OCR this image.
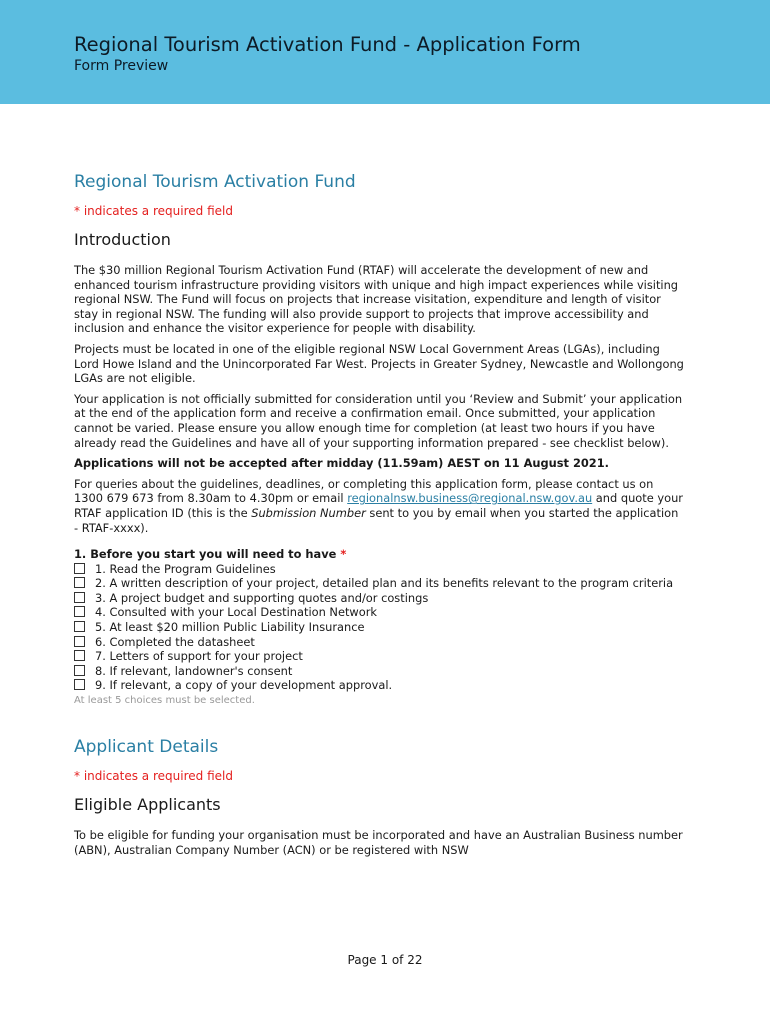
Regional Tourism Activation Fund - Application Form
Form Preview
Regional Tourism Activation Fund
* indicates a required field
Introduction

The $30 million Regional Tourism Activation Fund (RTAF) will accelerate the development of new and enhanced tourism infrastructure providing visitors with unique and high impact experiences while visiting regional NSW. The Fund will focus on projects that increase visitation, expenditure and length of visitor stay in regional NSW. The funding will also provide support to projects that improve accessibility and inclusion and enhance the visitor experience for people with disability.

Projects must be located in one of the eligible regional NSW Local Government Areas (LGAs), including Lord Howe Island and the Unincorporated Far West. Projects in Greater Sydney, Newcastle and Wollongong LGAs are not eligible.

Your application is not officially submitted for consideration until you ‘Review and Submit’ your application at the end of the application form and receive a confirmation email. Once submitted, your application cannot be varied. Please ensure you allow enough time for completion (at least two hours if you have already read the Guidelines and have all of your supporting information prepared - see checklist below).

Applications will not be accepted after midday (11.59am) AEST on 11 August 2021.

For queries about the guidelines, deadlines, or completing this application form, please contact us on 1300 679 673 from 8.30am to 4.30pm or email regionalnsw.business@regional.nsw.gov.au and quote your RTAF application ID (this is the Submission Number sent to you by email when you started the application - RTAF-xxxx).

1. Before you start you will need to have *
1. Read the Program Guidelines
2. A written description of your project, detailed plan and its benefits relevant to the program criteria
3. A project budget and supporting quotes and/or costings
4. Consulted with your Local Destination Network
5. At least $20 million Public Liability Insurance
6. Completed the datasheet
7. Letters of support for your project
8. If relevant, landowner's consent
9. If relevant, a copy of your development approval.
At least 5 choices must be selected.
Applicant Details
* indicates a required field
Eligible Applicants

To be eligible for funding your organisation must be incorporated and have an Australian Business number (ABN), Australian Company Number (ACN) or be registered with NSW

Page 1 of 22
